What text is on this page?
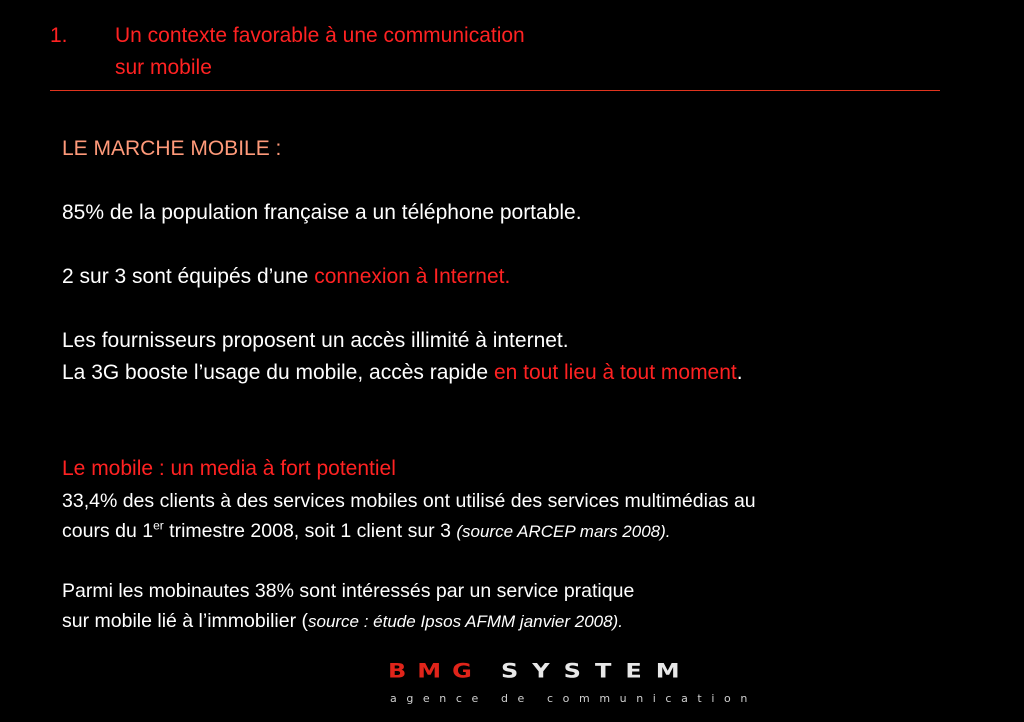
1. Un contexte favorable à une communication
sur mobile
LE MARCHE MOBILE :
85% de la population française a un téléphone portable.
2 sur 3 sont équipés d’une connexion à Internet.
Les fournisseurs proposent un accès illimité à internet.
La 3G booste l’usage du mobile, accès rapide en tout lieu à tout moment.
Le mobile : un media à fort potentiel
33,4% des clients à des services mobiles ont utilisé des services multimédias au
cours du 1er trimestre 2008, soit 1 client sur 3 (source ARCEP mars 2008).
Parmi les mobinautes 38% sont intéressés par un service pratique
sur mobile lié à l’immobilier (source : étude Ipsos AFMM janvier 2008).
BMG SYSTEM
agence de communication
